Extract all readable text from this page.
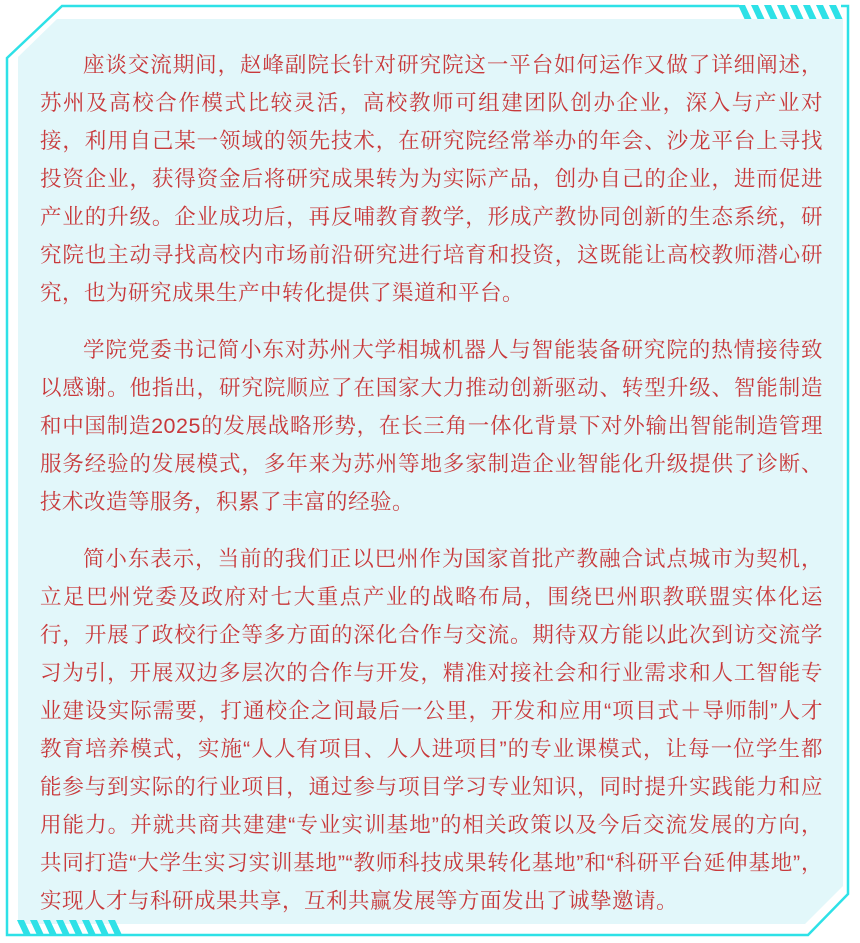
座谈交流期间，赵峰副院长针对研究院这一平台如何运作又做了详细阐述，苏州及高校合作模式比较灵活，高校教师可组建团队创办企业，深入与产业对接，利用自己某一领域的领先技术，在研究院经常举办的年会、沙龙平台上寻找投资企业，获得资金后将研究成果转为为实际产品，创办自己的企业，进而促进产业的升级。企业成功后，再反哺教育教学，形成产教协同创新的生态系统，研究院也主动寻找高校内市场前沿研究进行培育和投资，这既能让高校教师潜心研究，也为研究成果生产中转化提供了渠道和平台。

学院党委书记简小东对苏州大学相城机器人与智能装备研究院的热情接待致以感谢。他指出，研究院顺应了在国家大力推动创新驱动、转型升级、智能制造和中国制造2025的发展战略形势，在长三角一体化背景下对外输出智能制造管理服务经验的发展模式，多年来为苏州等地多家制造企业智能化升级提供了诊断、技术改造等服务，积累了丰富的经验。

简小东表示，当前的我们正以巴州作为国家首批产教融合试点城市为契机，立足巴州党委及政府对七大重点产业的战略布局，围绕巴州职教联盟实体化运行，开展了政校行企等多方面的深化合作与交流。期待双方能以此次到访交流学习为引，开展双边多层次的合作与开发，精准对接社会和行业需求和人工智能专业建设实际需要，打通校企之间最后一公里，开发和应用“项目式＋导师制”人才教育培养模式，实施“人人有项目、人人进项目”的专业课模式，让每一位学生都能参与到实际的行业项目，通过参与项目学习专业知识，同时提升实践能力和应用能力。并就共商共建建“专业实训基地”的相关政策以及今后交流发展的方向，共同打造“大学生实习实训基地”“教师科技成果转化基地”和“科研平台延伸基地”，实现人才与科研成果共享，互利共赢发展等方面发出了诚挚邀请。
